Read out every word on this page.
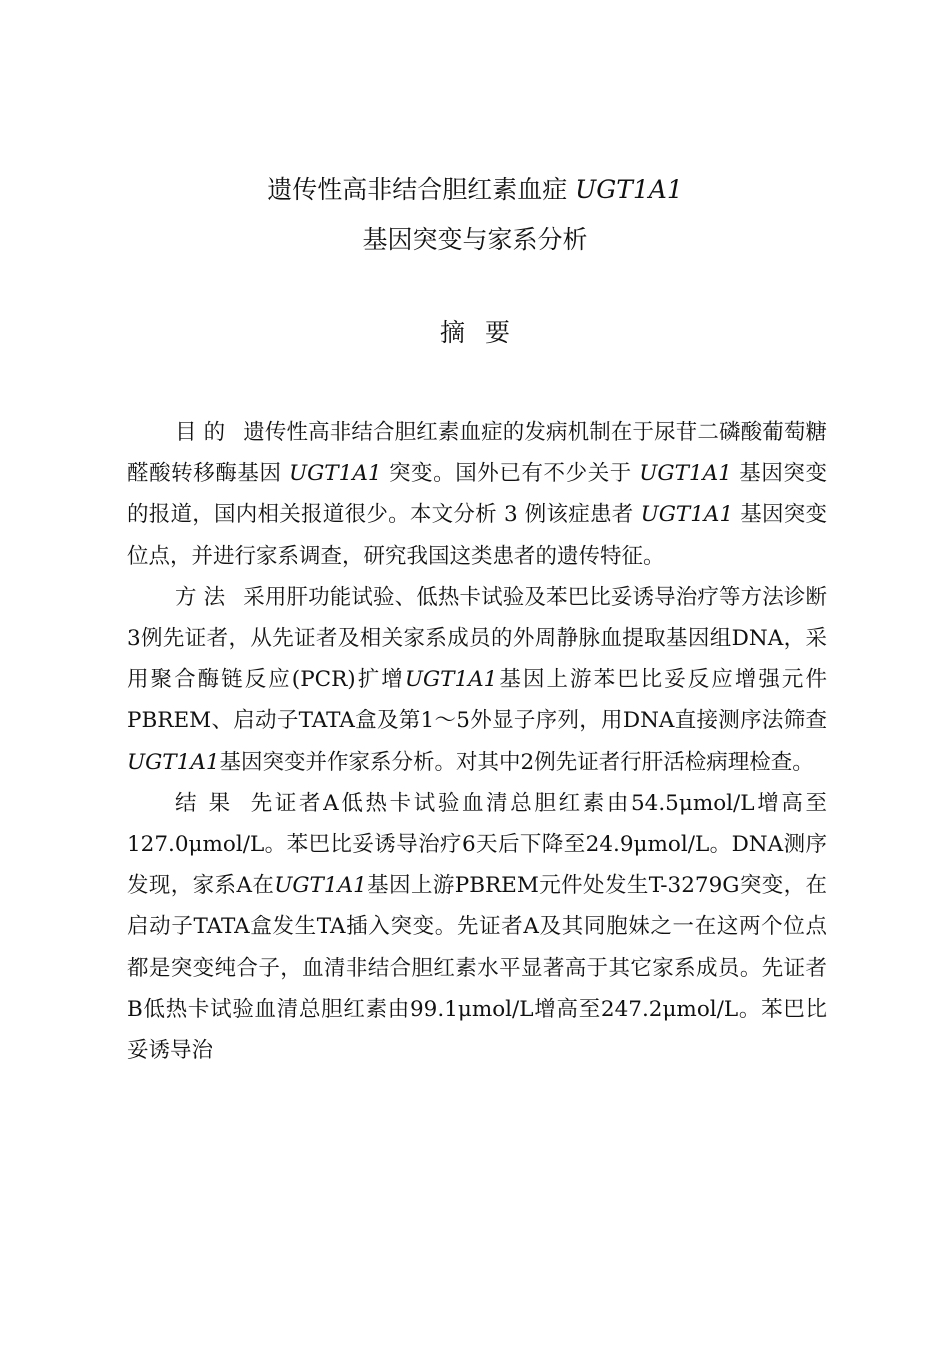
遗传性高非结合胆红素血症 UGT1A1
基因突变与家系分析
摘要

目 的 遗传性高非结合胆红素血症的发病机制在于尿苷二磷酸葡萄糖醛酸转移酶基因 UGT1A1 突变。国外已有不少关于 UGT1A1 基因突变的报道，国内相关报道很少。本文分析 3 例该症患者 UGT1A1 基因突变位点，并进行家系调查，研究我国这类患者的遗传特征。

方 法 采用肝功能试验、低热卡试验及苯巴比妥诱导治疗等方法诊断3例先证者，从先证者及相关家系成员的外周静脉血提取基因组DNA，采用聚合酶链反应(PCR)扩增UGT1A1基因上游苯巴比妥反应增强元件PBREM、启动子TATA盒及第1～5外显子序列，用DNA直接测序法筛查UGT1A1基因突变并作家系分析。对其中2例先证者行肝活检病理检查。

结 果 先证者A低热卡试验血清总胆红素由54.5μmol/L增高至127.0μmol/L。苯巴比妥诱导治疗6天后下降至24.9μmol/L。DNA测序发现，家系A在UGT1A1基因上游PBREM元件处发生T-3279G突变，在启动子TATA盒发生TA插入突变。先证者A及其同胞妹之一在这两个位点都是突变纯合子，血清非结合胆红素水平显著高于其它家系成员。先证者B低热卡试验血清总胆红素由99.1μmol/L增高至247.2μmol/L。苯巴比妥诱导治
